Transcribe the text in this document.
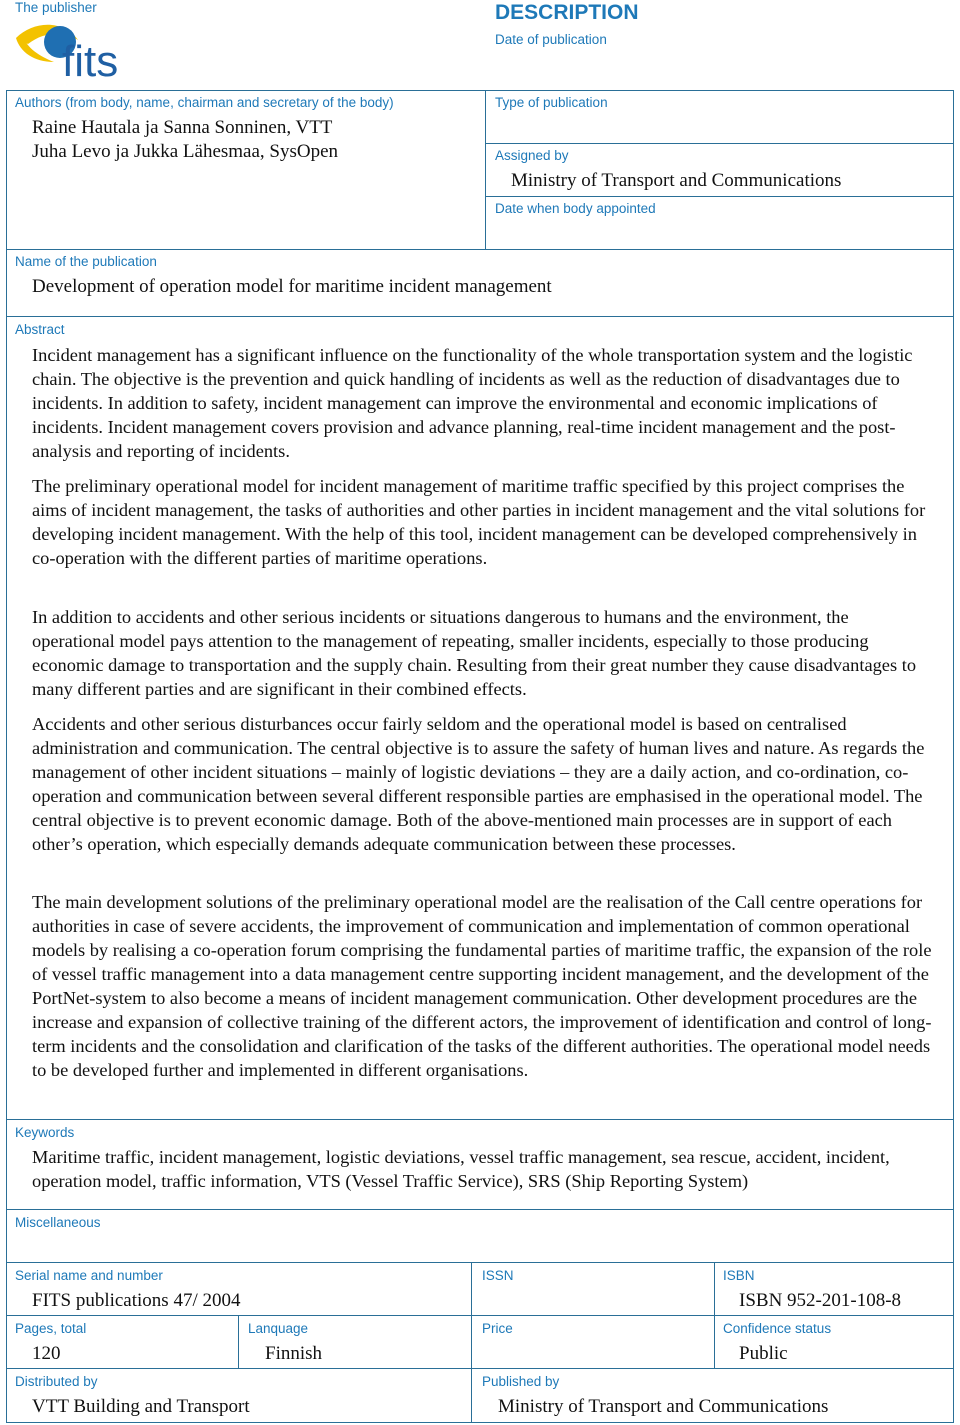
The publisher
fits
DESCRIPTION
Date of publication
Authors (from body, name, chairman and secretary of the body)
Raine Hautala ja Sanna Sonninen, VTT
Juha Levo ja Jukka Lähesmaa, SysOpen
Type of publication
Assigned by
Ministry of Transport and Communications
Date when body appointed
Name of the publication
Development of operation model for maritime incident management
Abstract

Incident management has a significant influence on the functionality of the whole transportation system and the logistic chain. The objective is the prevention and quick handling of incidents as well as the reduction of disadvantages due to incidents. In addition to safety, incident management can improve the environmental and economic implications of incidents. Incident management covers provision and advance planning, real-time incident management and the post-analysis and reporting of incidents.

The preliminary operational model for incident management of maritime traffic specified by this project comprises the aims of incident management, the tasks of authorities and other parties in incident management and the vital solutions for developing incident management. With the help of this tool, incident management can be developed comprehensively in co-operation with the different parties of maritime operations.

In addition to accidents and other serious incidents or situations dangerous to humans and the environment, the operational model pays attention to the management of repeating, smaller incidents, especially to those producing economic damage to transportation and the supply chain. Resulting from their great number they cause disadvantages to many different parties and are significant in their combined effects.

Accidents and other serious disturbances occur fairly seldom and the operational model is based on centralised administration and communication. The central objective is to assure the safety of human lives and nature. As regards the management of other incident situations – mainly of logistic deviations – they are a daily action, and co-ordination, co-operation and communication between several different responsible parties are emphasised in the operational model. The central objective is to prevent economic damage. Both of the above-mentioned main processes are in support of each other’s operation, which especially demands adequate communication between these processes.

The main development solutions of the preliminary operational model are the realisation of the Call centre operations for authorities in case of severe accidents, the improvement of communication and implementation of common operational models by realising a co-operation forum comprising the fundamental parties of maritime traffic, the expansion of the role of vessel traffic management into a data management centre supporting incident management, and the development of the PortNet-system to also become a means of incident management communication. Other development procedures are the increase and expansion of collective training of the different actors, the improvement of identification and control of long-term incidents and the consolidation and clarification of the tasks of the different authorities. The operational model needs to be developed further and implemented in different organisations.

Keywords

Maritime traffic, incident management, logistic deviations, vessel traffic management, sea rescue, accident, incident, operation model, traffic information, VTS (Vessel Traffic Service), SRS (Ship Reporting System)

Miscellaneous
Serial name and number
FITS publications 47/ 2004
ISSN	ISBN
ISBN 952-201-108-8
Pages, total
120
Lanquage
Finnish
Price	Confidence status
Public
Distributed by
VTT Building and Transport
Published by
Ministry of Transport and Communications
